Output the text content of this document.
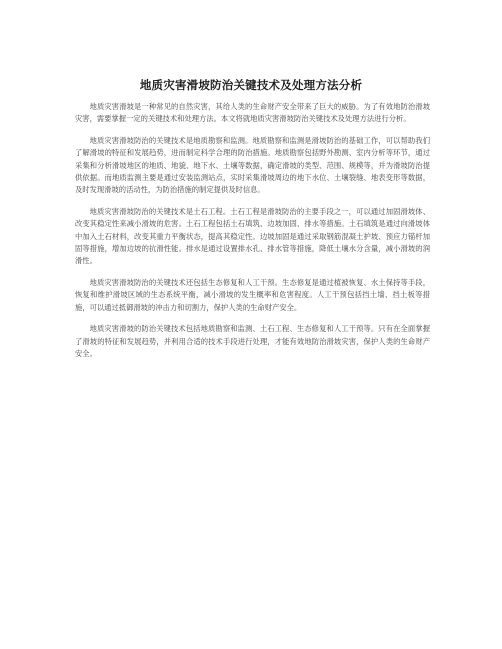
地质灾害滑坡防治关键技术及处理方法分析

地质灾害滑坡是一种常见的自然灾害，其给人类的生命财产安全带来了巨大的威胁。为了有效地防治滑坡灾害，需要掌握一定的关键技术和处理方法。本文将就地质灾害滑坡防治关键技术及处理方法进行分析。

地质灾害滑坡防治的关键技术是地质勘察和监测。地质勘察和监测是滑坡防治的基础工作，可以帮助我们了解滑坡的特征和发展趋势，进而制定科学合理的防治措施。地质勘察包括野外勘测、室内分析等环节，通过采集和分析滑坡地区的地质、地貌、地下水、土壤等数据，确定滑坡的类型、范围、规模等，并为滑坡防治提供依据。而地质监测主要是通过安装监测站点，实时采集滑坡周边的地下水位、土壤裂缝、地表变形等数据，及时发现滑坡的活动性，为防治措施的制定提供及时信息。

地质灾害滑坡防治的关键技术是土石工程。土石工程是滑坡防治的主要手段之一，可以通过加固滑坡体、改变其稳定性来减小滑坡的危害。土石工程包括土石填筑、边坡加固、排水等措施。土石填筑是通过向滑坡体中加入土石材料，改变其重力平衡状态，提高其稳定性。边坡加固是通过采取钢筋混凝土护坡、预应力锚杆加固等措施，增加边坡的抗滑性能。排水是通过设置排水孔、排水管等措施，降低土壤水分含量，减小滑坡的润滑性。

地质灾害滑坡防治的关键技术还包括生态修复和人工干预。生态修复是通过植被恢复、水土保持等手段，恢复和维护滑坡区域的生态系统平衡，减小滑坡的发生概率和危害程度。人工干预包括挡土墙、挡土板等措施，可以通过抵御滑坡的冲击力和切割力，保护人类的生命财产安全。

地质灾害滑坡的防治关键技术包括地质勘察和监测、土石工程、生态修复和人工干预等。只有在全面掌握了滑坡的特征和发展趋势，并利用合适的技术手段进行处理，才能有效地防治滑坡灾害，保护人类的生命财产安全。
